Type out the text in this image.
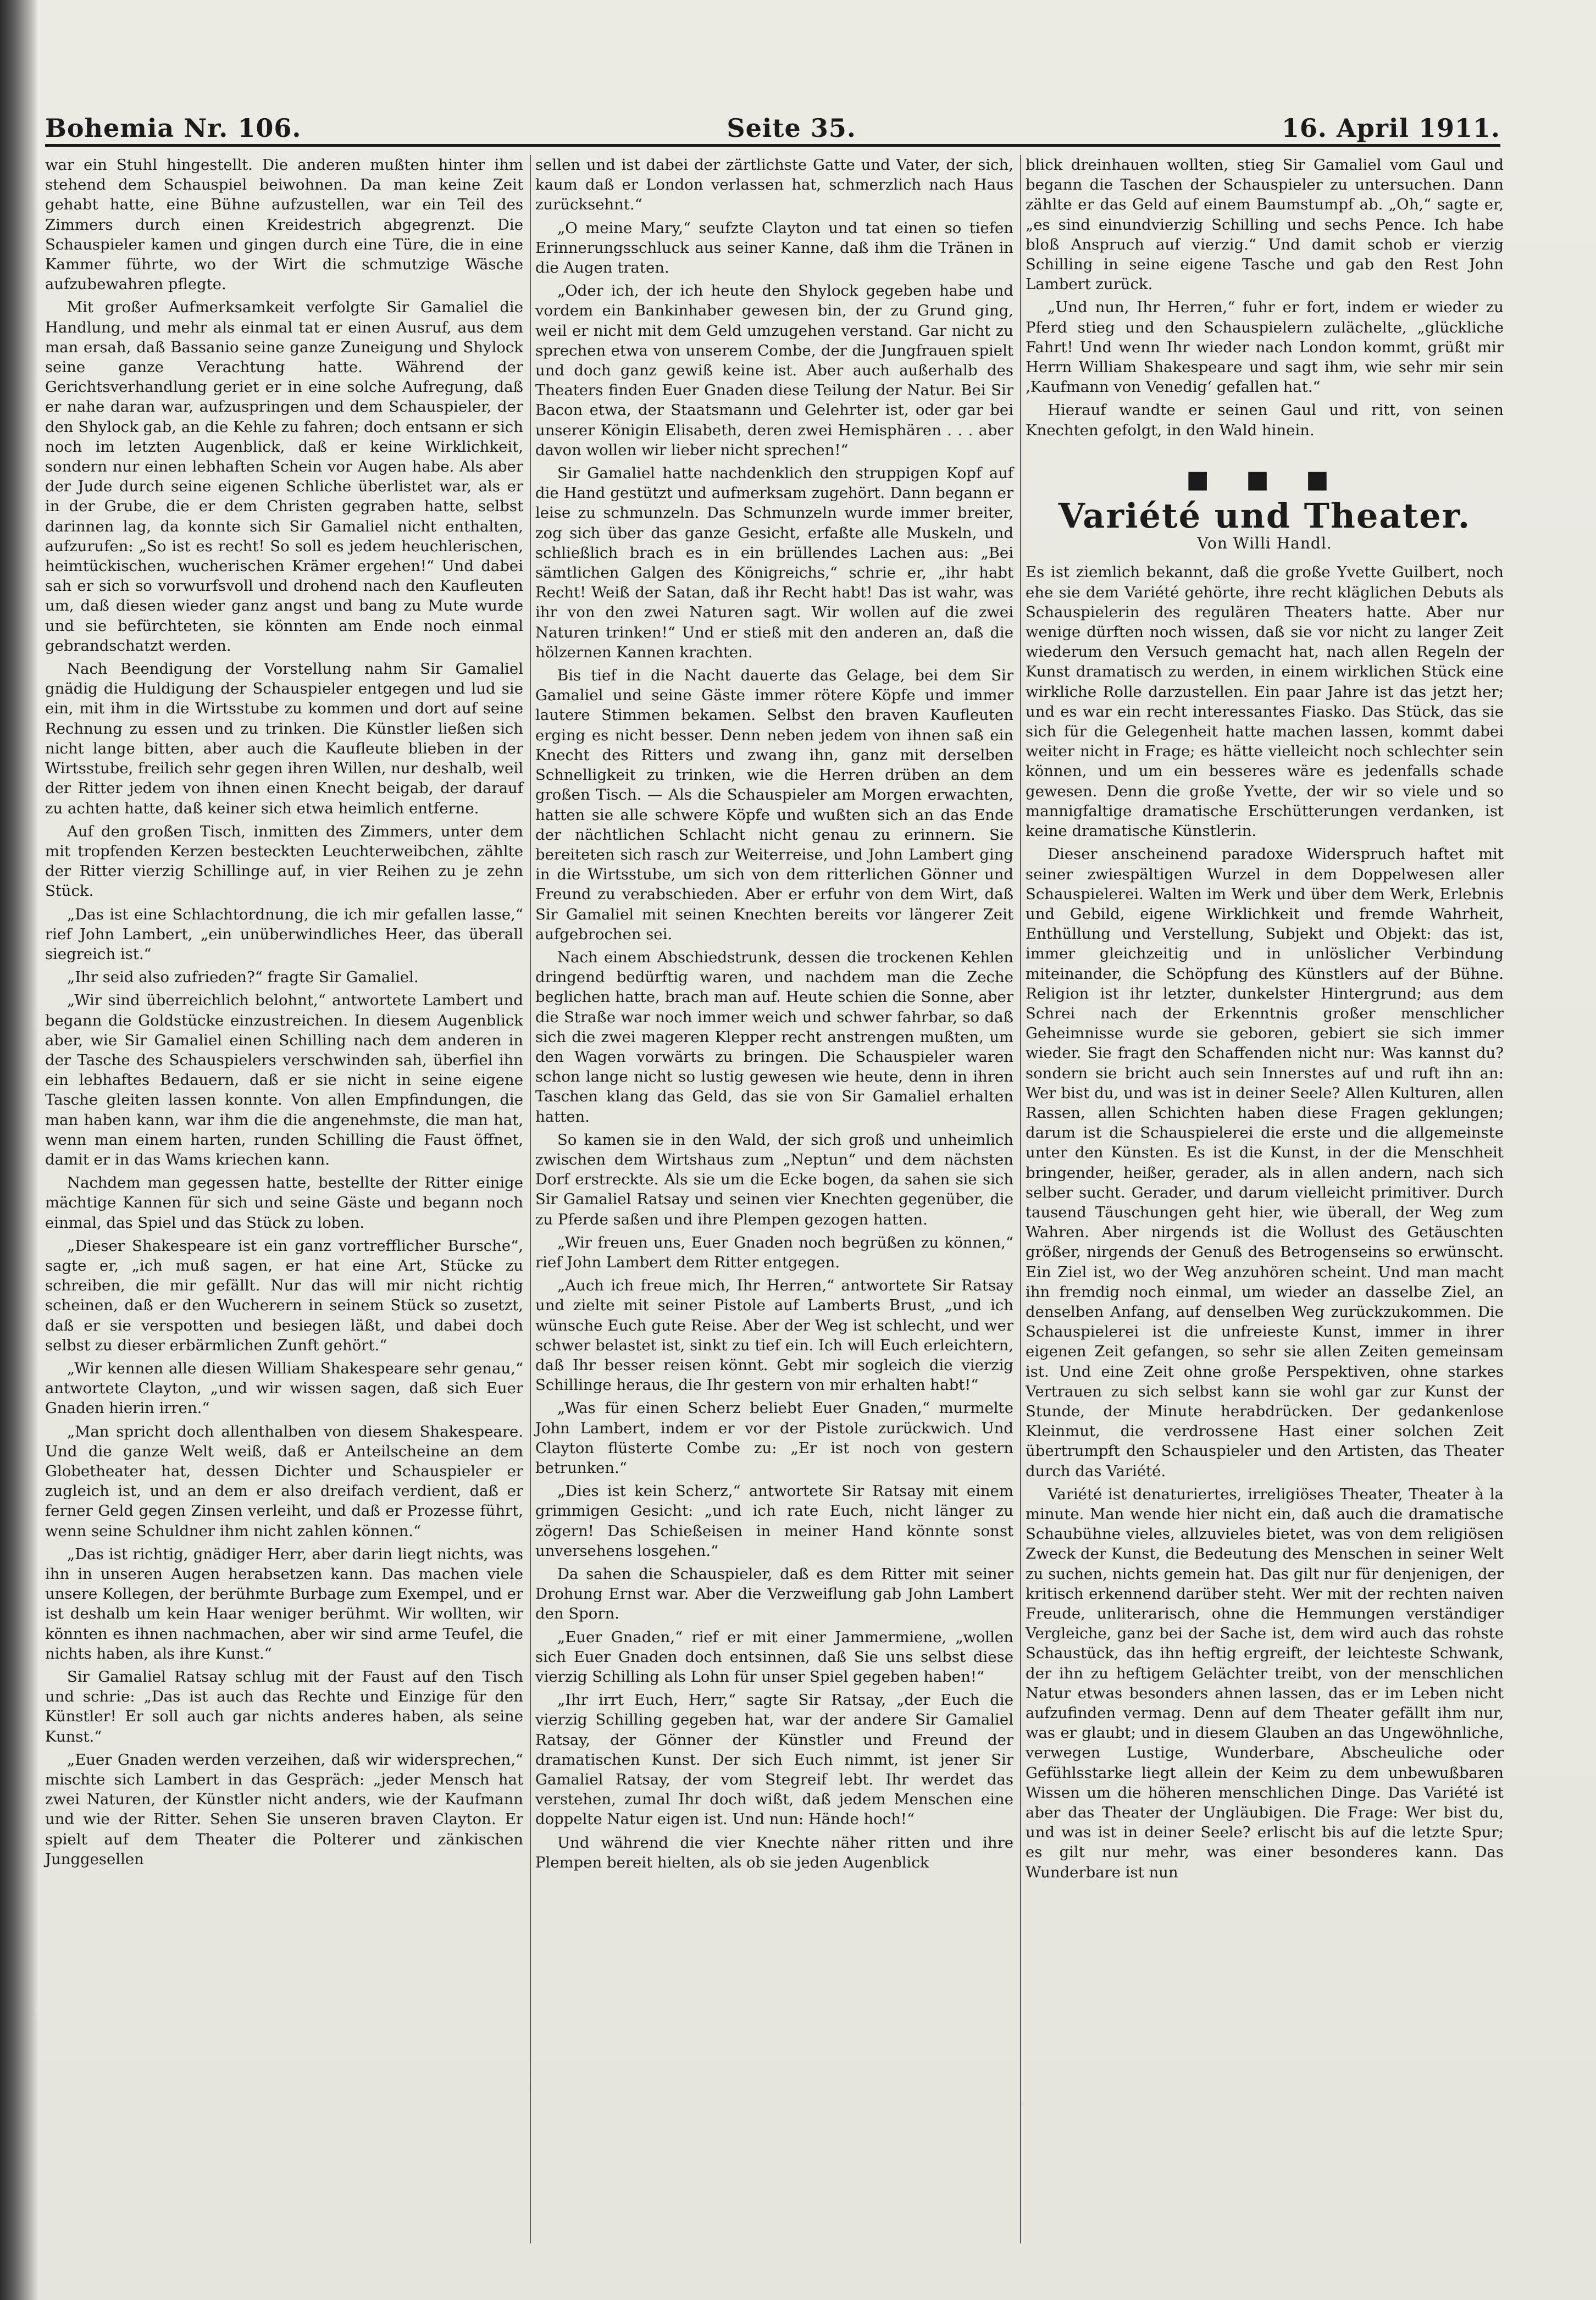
Bohemia Nr. 106.	Seite 35.	16. April 1911.

war ein Stuhl hingestellt. Die anderen mußten hinter ihm stehend dem Schauspiel beiwohnen. Da man keine Zeit gehabt hatte, eine Bühne aufzustellen, war ein Teil des Zimmers durch einen Kreidestrich abgegrenzt. Die Schauspieler kamen und gingen durch eine Türe, die in eine Kammer führte, wo der Wirt die schmutzige Wäsche aufzubewahren pflegte.

Mit großer Aufmerksamkeit verfolgte Sir Gamaliel die Handlung, und mehr als einmal tat er einen Ausruf, aus dem man ersah, daß Bassanio seine ganze Zuneigung und Shylock seine ganze Verachtung hatte. Während der Gerichtsverhandlung geriet er in eine solche Aufregung, daß er nahe daran war, aufzuspringen und dem Schauspieler, der den Shylock gab, an die Kehle zu fahren; doch entsann er sich noch im letzten Augenblick, daß er keine Wirklichkeit, sondern nur einen lebhaften Schein vor Augen habe. Als aber der Jude durch seine eigenen Schliche überlistet war, als er in der Grube, die er dem Christen gegraben hatte, selbst darinnen lag, da konnte sich Sir Gamaliel nicht enthalten, aufzurufen: „So ist es recht! So soll es jedem heuchlerischen, heimtückischen, wucherischen Krämer ergehen!“ Und dabei sah er sich so vorwurfsvoll und drohend nach den Kaufleuten um, daß diesen wieder ganz angst und bang zu Mute wurde und sie befürchteten, sie könnten am Ende noch einmal gebrandschatzt werden.

Nach Beendigung der Vorstellung nahm Sir Gamaliel gnädig die Huldigung der Schauspieler entgegen und lud sie ein, mit ihm in die Wirtsstube zu kommen und dort auf seine Rechnung zu essen und zu trinken. Die Künstler ließen sich nicht lange bitten, aber auch die Kaufleute blieben in der Wirtsstube, freilich sehr gegen ihren Willen, nur deshalb, weil der Ritter jedem von ihnen einen Knecht beigab, der darauf zu achten hatte, daß keiner sich etwa heimlich entferne.

Auf den großen Tisch, inmitten des Zimmers, unter dem mit tropfenden Kerzen besteckten Leuchterweibchen, zählte der Ritter vierzig Schillinge auf, in vier Reihen zu je zehn Stück.

„Das ist eine Schlachtordnung, die ich mir gefallen lasse,“ rief John Lambert, „ein unüberwindliches Heer, das überall siegreich ist.“

„Ihr seid also zufrieden?“ fragte Sir Gamaliel.

„Wir sind überreichlich belohnt,“ antwortete Lambert und begann die Goldstücke einzustreichen. In diesem Augenblick aber, wie Sir Gamaliel einen Schilling nach dem anderen in der Tasche des Schauspielers verschwinden sah, überfiel ihn ein lebhaftes Bedauern, daß er sie nicht in seine eigene Tasche gleiten lassen konnte. Von allen Empfindungen, die man haben kann, war ihm die die angenehmste, die man hat, wenn man einem harten, runden Schilling die Faust öffnet, damit er in das Wams kriechen kann.

Nachdem man gegessen hatte, bestellte der Ritter einige mächtige Kannen für sich und seine Gäste und begann noch einmal, das Spiel und das Stück zu loben.

„Dieser Shakespeare ist ein ganz vortrefflicher Bursche“, sagte er, „ich muß sagen, er hat eine Art, Stücke zu schreiben, die mir gefällt. Nur das will mir nicht richtig scheinen, daß er den Wucherern in seinem Stück so zusetzt, daß er sie verspotten und besiegen läßt, und dabei doch selbst zu dieser erbärmlichen Zunft gehört.“

„Wir kennen alle diesen William Shakespeare sehr genau,“ antwortete Clayton, „und wir wissen sagen, daß sich Euer Gnaden hierin irren.“

„Man spricht doch allenthalben von diesem Shakespeare. Und die ganze Welt weiß, daß er Anteilscheine an dem Globetheater hat, dessen Dichter und Schauspieler er zugleich ist, und an dem er also dreifach verdient, daß er ferner Geld gegen Zinsen verleiht, und daß er Prozesse führt, wenn seine Schuldner ihm nicht zahlen können.“

„Das ist richtig, gnädiger Herr, aber darin liegt nichts, was ihn in unseren Augen herabsetzen kann. Das machen viele unsere Kollegen, der berühmte Burbage zum Exempel, und er ist deshalb um kein Haar weniger berühmt. Wir wollten, wir könnten es ihnen nachmachen, aber wir sind arme Teufel, die nichts haben, als ihre Kunst.“

Sir Gamaliel Ratsay schlug mit der Faust auf den Tisch und schrie: „Das ist auch das Rechte und Einzige für den Künstler! Er soll auch gar nichts anderes haben, als seine Kunst.“

„Euer Gnaden werden verzeihen, daß wir widersprechen,“ mischte sich Lambert in das Gespräch: „jeder Mensch hat zwei Naturen, der Künstler nicht anders, wie der Kaufmann und wie der Ritter. Sehen Sie unseren braven Clayton. Er spielt auf dem Theater die Polterer und zänkischen Junggesellen

sellen und ist dabei der zärtlichste Gatte und Vater, der sich, kaum daß er London verlassen hat, schmerzlich nach Haus zurücksehnt.“

„O meine Mary,“ seufzte Clayton und tat einen so tiefen Erinnerungsschluck aus seiner Kanne, daß ihm die Tränen in die Augen traten.

„Oder ich, der ich heute den Shylock gegeben habe und vordem ein Bankinhaber gewesen bin, der zu Grund ging, weil er nicht mit dem Geld umzugehen verstand. Gar nicht zu sprechen etwa von unserem Combe, der die Jungfrauen spielt und doch ganz gewiß keine ist. Aber auch außerhalb des Theaters finden Euer Gnaden diese Teilung der Natur. Bei Sir Bacon etwa, der Staatsmann und Gelehrter ist, oder gar bei unserer Königin Elisabeth, deren zwei Hemisphären . . . aber davon wollen wir lieber nicht sprechen!“

Sir Gamaliel hatte nachdenklich den struppigen Kopf auf die Hand gestützt und aufmerksam zugehört. Dann begann er leise zu schmunzeln. Das Schmunzeln wurde immer breiter, zog sich über das ganze Gesicht, erfaßte alle Muskeln, und schließlich brach es in ein brüllendes Lachen aus: „Bei sämtlichen Galgen des Königreichs,“ schrie er, „ihr habt Recht! Weiß der Satan, daß ihr Recht habt! Das ist wahr, was ihr von den zwei Naturen sagt. Wir wollen auf die zwei Naturen trinken!“ Und er stieß mit den anderen an, daß die hölzernen Kannen krachten.

Bis tief in die Nacht dauerte das Gelage, bei dem Sir Gamaliel und seine Gäste immer rötere Köpfe und immer lautere Stimmen bekamen. Selbst den braven Kaufleuten erging es nicht besser. Denn neben jedem von ihnen saß ein Knecht des Ritters und zwang ihn, ganz mit derselben Schnelligkeit zu trinken, wie die Herren drüben an dem großen Tisch. — Als die Schauspieler am Morgen erwachten, hatten sie alle schwere Köpfe und wußten sich an das Ende der nächtlichen Schlacht nicht genau zu erinnern. Sie bereiteten sich rasch zur Weiterreise, und John Lambert ging in die Wirtsstube, um sich von dem ritterlichen Gönner und Freund zu verabschieden. Aber er erfuhr von dem Wirt, daß Sir Gamaliel mit seinen Knechten bereits vor längerer Zeit aufgebrochen sei.

Nach einem Abschiedstrunk, dessen die trockenen Kehlen dringend bedürftig waren, und nachdem man die Zeche beglichen hatte, brach man auf. Heute schien die Sonne, aber die Straße war noch immer weich und schwer fahrbar, so daß sich die zwei mageren Klepper recht anstrengen mußten, um den Wagen vorwärts zu bringen. Die Schauspieler waren schon lange nicht so lustig gewesen wie heute, denn in ihren Taschen klang das Geld, das sie von Sir Gamaliel erhalten hatten.

So kamen sie in den Wald, der sich groß und unheimlich zwischen dem Wirtshaus zum „Neptun“ und dem nächsten Dorf erstreckte. Als sie um die Ecke bogen, da sahen sie sich Sir Gamaliel Ratsay und seinen vier Knechten gegenüber, die zu Pferde saßen und ihre Plempen gezogen hatten.

„Wir freuen uns, Euer Gnaden noch begrüßen zu können,“ rief John Lambert dem Ritter entgegen.

„Auch ich freue mich, Ihr Herren,“ antwortete Sir Ratsay und zielte mit seiner Pistole auf Lamberts Brust, „und ich wünsche Euch gute Reise. Aber der Weg ist schlecht, und wer schwer belastet ist, sinkt zu tief ein. Ich will Euch erleichtern, daß Ihr besser reisen könnt. Gebt mir sogleich die vierzig Schillinge heraus, die Ihr gestern von mir erhalten habt!“

„Was für einen Scherz beliebt Euer Gnaden,“ murmelte John Lambert, indem er vor der Pistole zurückwich. Und Clayton flüsterte Combe zu: „Er ist noch von gestern betrunken.“

„Dies ist kein Scherz,“ antwortete Sir Ratsay mit einem grimmigen Gesicht: „und ich rate Euch, nicht länger zu zögern! Das Schießeisen in meiner Hand könnte sonst unversehens losgehen.“

Da sahen die Schauspieler, daß es dem Ritter mit seiner Drohung Ernst war. Aber die Verzweiflung gab John Lambert den Sporn.

„Euer Gnaden,“ rief er mit einer Jammermiene, „wollen sich Euer Gnaden doch entsinnen, daß Sie uns selbst diese vierzig Schilling als Lohn für unser Spiel gegeben haben!“

„Ihr irrt Euch, Herr,“ sagte Sir Ratsay, „der Euch die vierzig Schilling gegeben hat, war der andere Sir Gamaliel Ratsay, der Gönner der Künstler und Freund der dramatischen Kunst. Der sich Euch nimmt, ist jener Sir Gamaliel Ratsay, der vom Stegreif lebt. Ihr werdet das verstehen, zumal Ihr doch wißt, daß jedem Menschen eine doppelte Natur eigen ist. Und nun: Hände hoch!“

Und während die vier Knechte näher ritten und ihre Plempen bereit hielten, als ob sie jeden Augenblick

blick dreinhauen wollten, stieg Sir Gamaliel vom Gaul und begann die Taschen der Schauspieler zu untersuchen. Dann zählte er das Geld auf einem Baumstumpf ab. „Oh,“ sagte er, „es sind einundvierzig Schilling und sechs Pence. Ich habe bloß Anspruch auf vierzig.“ Und damit schob er vierzig Schilling in seine eigene Tasche und gab den Rest John Lambert zurück.

„Und nun, Ihr Herren,“ fuhr er fort, indem er wieder zu Pferd stieg und den Schauspielern zulächelte, „glückliche Fahrt! Und wenn Ihr wieder nach London kommt, grüßt mir Herrn William Shakespeare und sagt ihm, wie sehr mir sein ‚Kaufmann von Venedig‘ gefallen hat.“

Hierauf wandte er seinen Gaul und ritt, von seinen Knechten gefolgt, in den Wald hinein.

■ ■ ■
Variété und Theater.
Von Willi Handl.

Es ist ziemlich bekannt, daß die große Yvette Guilbert, noch ehe sie dem Variété gehörte, ihre recht kläglichen Debuts als Schauspielerin des regulären Theaters hatte. Aber nur wenige dürften noch wissen, daß sie vor nicht zu langer Zeit wiederum den Versuch gemacht hat, nach allen Regeln der Kunst dramatisch zu werden, in einem wirklichen Stück eine wirkliche Rolle darzustellen. Ein paar Jahre ist das jetzt her; und es war ein recht interessantes Fiasko. Das Stück, das sie sich für die Gelegenheit hatte machen lassen, kommt dabei weiter nicht in Frage; es hätte vielleicht noch schlechter sein können, und um ein besseres wäre es jedenfalls schade gewesen. Denn die große Yvette, der wir so viele und so mannigfaltige dramatische Erschütterungen verdanken, ist keine dramatische Künstlerin.

Dieser anscheinend paradoxe Widerspruch haftet mit seiner zwiespältigen Wurzel in dem Doppelwesen aller Schauspielerei. Walten im Werk und über dem Werk, Erlebnis und Gebild, eigene Wirklichkeit und fremde Wahrheit, Enthüllung und Verstellung, Subjekt und Objekt: das ist, immer gleichzeitig und in unlöslicher Verbindung miteinander, die Schöpfung des Künstlers auf der Bühne. Religion ist ihr letzter, dunkelster Hintergrund; aus dem Schrei nach der Erkenntnis großer menschlicher Geheimnisse wurde sie geboren, gebiert sie sich immer wieder. Sie fragt den Schaffenden nicht nur: Was kannst du? sondern sie bricht auch sein Innerstes auf und ruft ihn an: Wer bist du, und was ist in deiner Seele? Allen Kulturen, allen Rassen, allen Schichten haben diese Fragen geklungen; darum ist die Schauspielerei die erste und die allgemeinste unter den Künsten. Es ist die Kunst, in der die Menschheit bringender, heißer, gerader, als in allen andern, nach sich selber sucht. Gerader, und darum vielleicht primitiver. Durch tausend Täuschungen geht hier, wie überall, der Weg zum Wahren. Aber nirgends ist die Wollust des Getäuschten größer, nirgends der Genuß des Betrogenseins so erwünscht. Ein Ziel ist, wo der Weg anzuhören scheint. Und man macht ihn fremdig noch einmal, um wieder an dasselbe Ziel, an denselben Anfang, auf denselben Weg zurückzukommen. Die Schauspielerei ist die unfreieste Kunst, immer in ihrer eigenen Zeit gefangen, so sehr sie allen Zeiten gemeinsam ist. Und eine Zeit ohne große Perspektiven, ohne starkes Vertrauen zu sich selbst kann sie wohl gar zur Kunst der Stunde, der Minute herabdrücken. Der gedankenlose Kleinmut, die verdrossene Hast einer solchen Zeit übertrumpft den Schauspieler und den Artisten, das Theater durch das Variété.

Variété ist denaturiertes, irreligiöses Theater, Theater à la minute. Man wende hier nicht ein, daß auch die dramatische Schaubühne vieles, allzuvieles bietet, was von dem religiösen Zweck der Kunst, die Bedeutung des Menschen in seiner Welt zu suchen, nichts gemein hat. Das gilt nur für denjenigen, der kritisch erkennend darüber steht. Wer mit der rechten naiven Freude, unliterarisch, ohne die Hemmungen verständiger Vergleiche, ganz bei der Sache ist, dem wird auch das rohste Schaustück, das ihn heftig ergreift, der leichteste Schwank, der ihn zu heftigem Gelächter treibt, von der menschlichen Natur etwas besonders ahnen lassen, das er im Leben nicht aufzufinden vermag. Denn auf dem Theater gefällt ihm nur, was er glaubt; und in diesem Glauben an das Ungewöhnliche, verwegen Lustige, Wunderbare, Abscheuliche oder Gefühlsstarke liegt allein der Keim zu dem unbewußbaren Wissen um die höheren menschlichen Dinge. Das Variété ist aber das Theater der Ungläubigen. Die Frage: Wer bist du, und was ist in deiner Seele? erlischt bis auf die letzte Spur; es gilt nur mehr, was einer besonderes kann. Das Wunderbare ist nun
